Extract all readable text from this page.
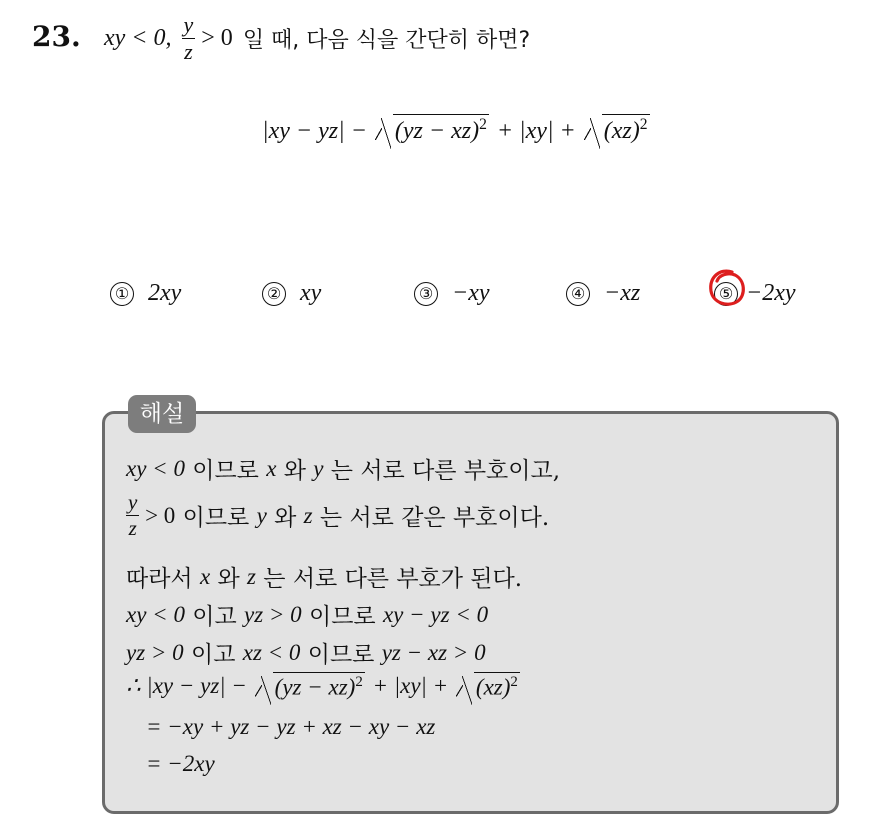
23. xy < 0, $\frac{y}{z} > 0$ 일 때, 다음 식을 간단히 하면?
|xy − yz| − (yz − xz)$^2$ + |xy| + (xz)$^2$
① 2xy	② xy	③ −xy	④ −xz	⑤ −2xy
해설
xy < 0 이므로 x 와 y 는 서로 다른 부호이고,
$\frac{y}{z} > 0$ 이므로 y 와 z 는 서로 같은 부호이다.
따라서 x 와 z 는 서로 다른 부호가 된다.
xy < 0 이고 yz > 0 이므로 xy − yz < 0
yz > 0 이고 xz < 0 이므로 yz − xz > 0
∴ |xy − yz| − (yz − xz)$^2$ + |xy| + (xz)$^2$
= −xy + yz − yz + xz − xy − xz
= −2xy
